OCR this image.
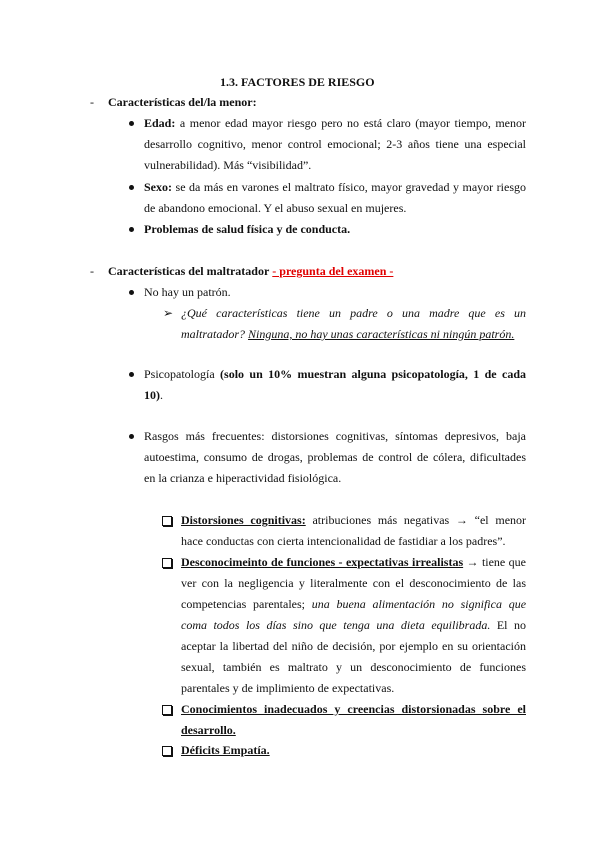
1.3. FACTORES DE RIESGO
- Características del/la menor:
Edad: a menor edad mayor riesgo pero no está claro (mayor tiempo, menor
desarrollo cognitivo, menor control emocional; 2-3 años tiene una especial
vulnerabilidad). Más “visibilidad”.
Sexo: se da más en varones el maltrato físico, mayor gravedad y mayor riesgo
de abandono emocional. Y el abuso sexual en mujeres.
Problemas de salud física y de conducta.
- Características del maltratador - pregunta del examen -
No hay un patrón.
➢ ¿Qué características tiene un padre o una madre que es un
maltratador? Ninguna, no hay unas características ni ningún patrón.
Psicopatología (solo un 10% muestran alguna psicopatología, 1 de cada
10).
Rasgos más frecuentes: distorsiones cognitivas, síntomas depresivos, baja
autoestima, consumo de drogas, problemas de control de cólera, dificultades
en la crianza e hiperactividad fisiológica.
Distorsiones cognitivas: atribuciones más negativas → “el menor
hace conductas con cierta intencionalidad de fastidiar a los padres”.
Desconocimeinto de funciones - expectativas irrealistas → tiene que
ver con la negligencia y literalmente con el desconocimiento de las
competencias parentales; una buena alimentación no significa que
coma todos los días sino que tenga una dieta equilibrada. El no
aceptar la libertad del niño de decisión, por ejemplo en su orientación
sexual, también es maltrato y un desconocimiento de funciones
parentales y de implimiento de expectativas.
Conocimientos inadecuados y creencias distorsionadas sobre el
desarrollo.
Déficits Empatía.
